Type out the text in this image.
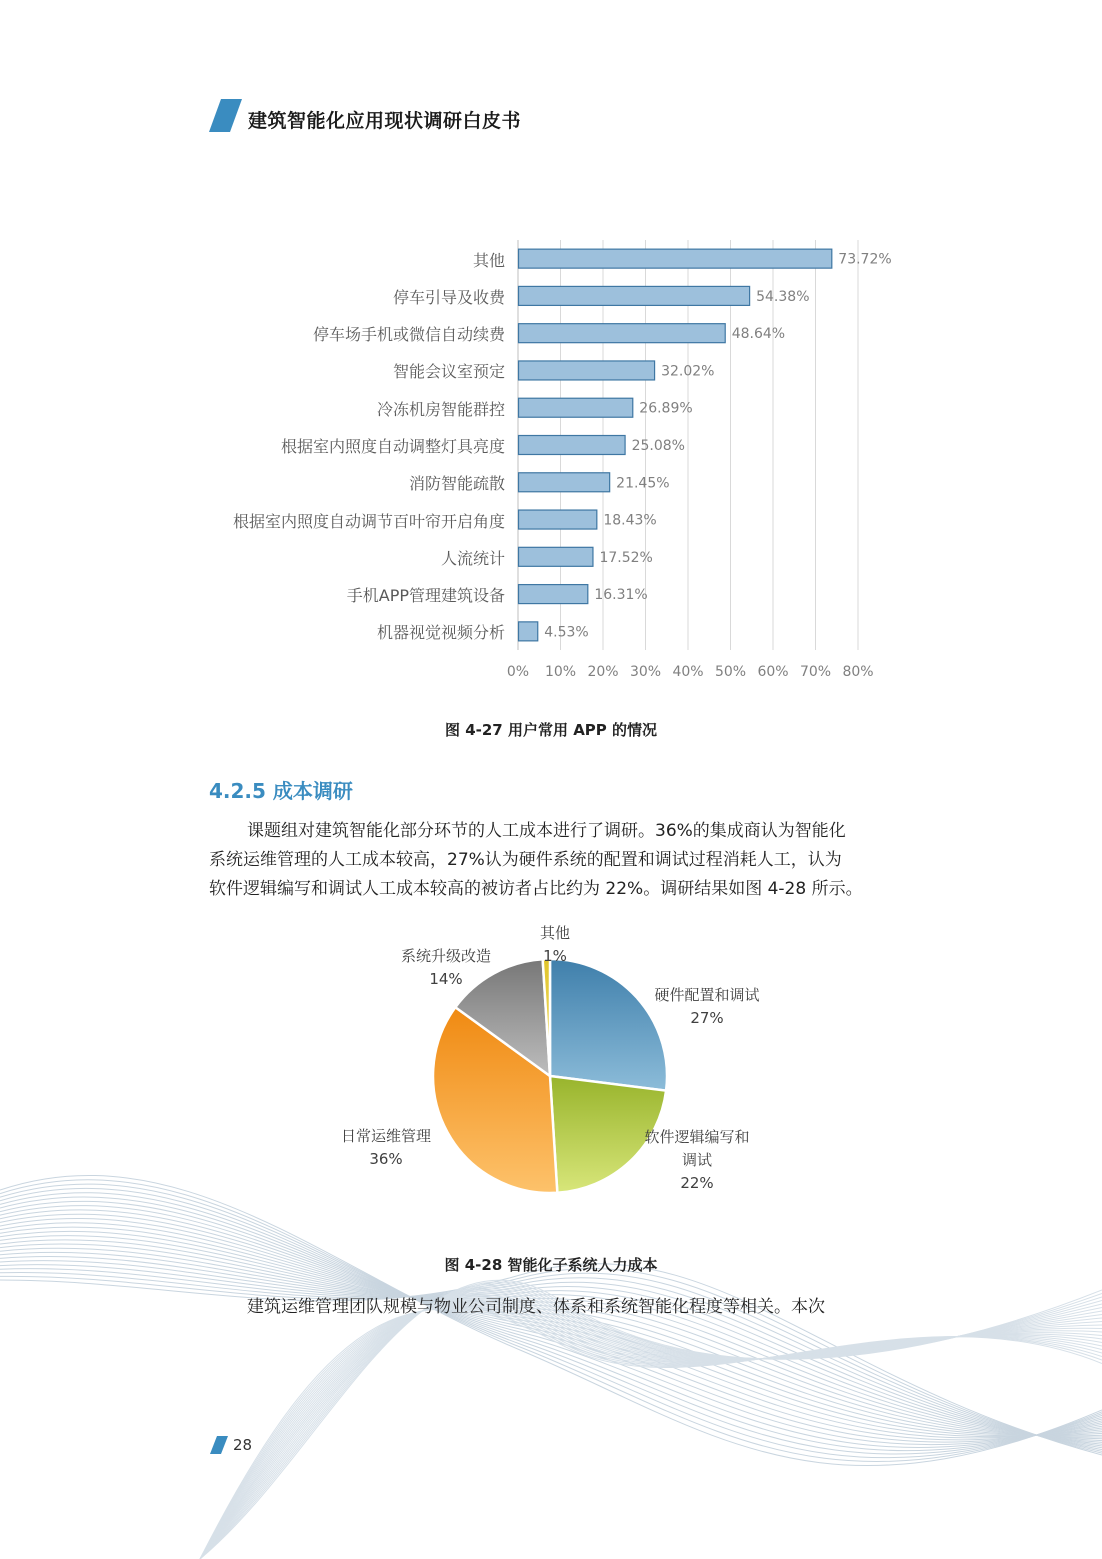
建筑智能化应用现状调研白皮书
0% 10% 20% 30% 40% 50% 60% 70% 80%
73.72%
54.38%
48.64%
32.02%
26.89%
25.08%
21.45%
18.43%
17.52%
16.31%
4.53%
其他
停车引导及收费
停车场手机或微信自动续费
智能会议室预定
冷冻机房智能群控
根据室内照度自动调整灯具亮度
消防智能疏散
根据室内照度自动调节百叶帘开启角度
人流统计
手机APP管理建筑设备
机器视觉视频分析
图 4-27 用户常用 APP 的情况
4.2.5 成本调研
课题组对建筑智能化部分环节的人工成本进行了调研。36%的集成商认为智能化
系统运维管理的人工成本较高，27%认为硬件系统的配置和调试过程消耗人工，认为
软件逻辑编写和调试人工成本较高的被访者占比约为 22%。调研结果如图 4-28 所示。
硬件配置和调试
27%
软件逻辑编写和
调试
22%
日常运维管理
36%
系统升级改造
14%
其他
1%
图 4-28 智能化子系统人力成本
建筑运维管理团队规模与物业公司制度、体系和系统智能化程度等相关。本次
28
